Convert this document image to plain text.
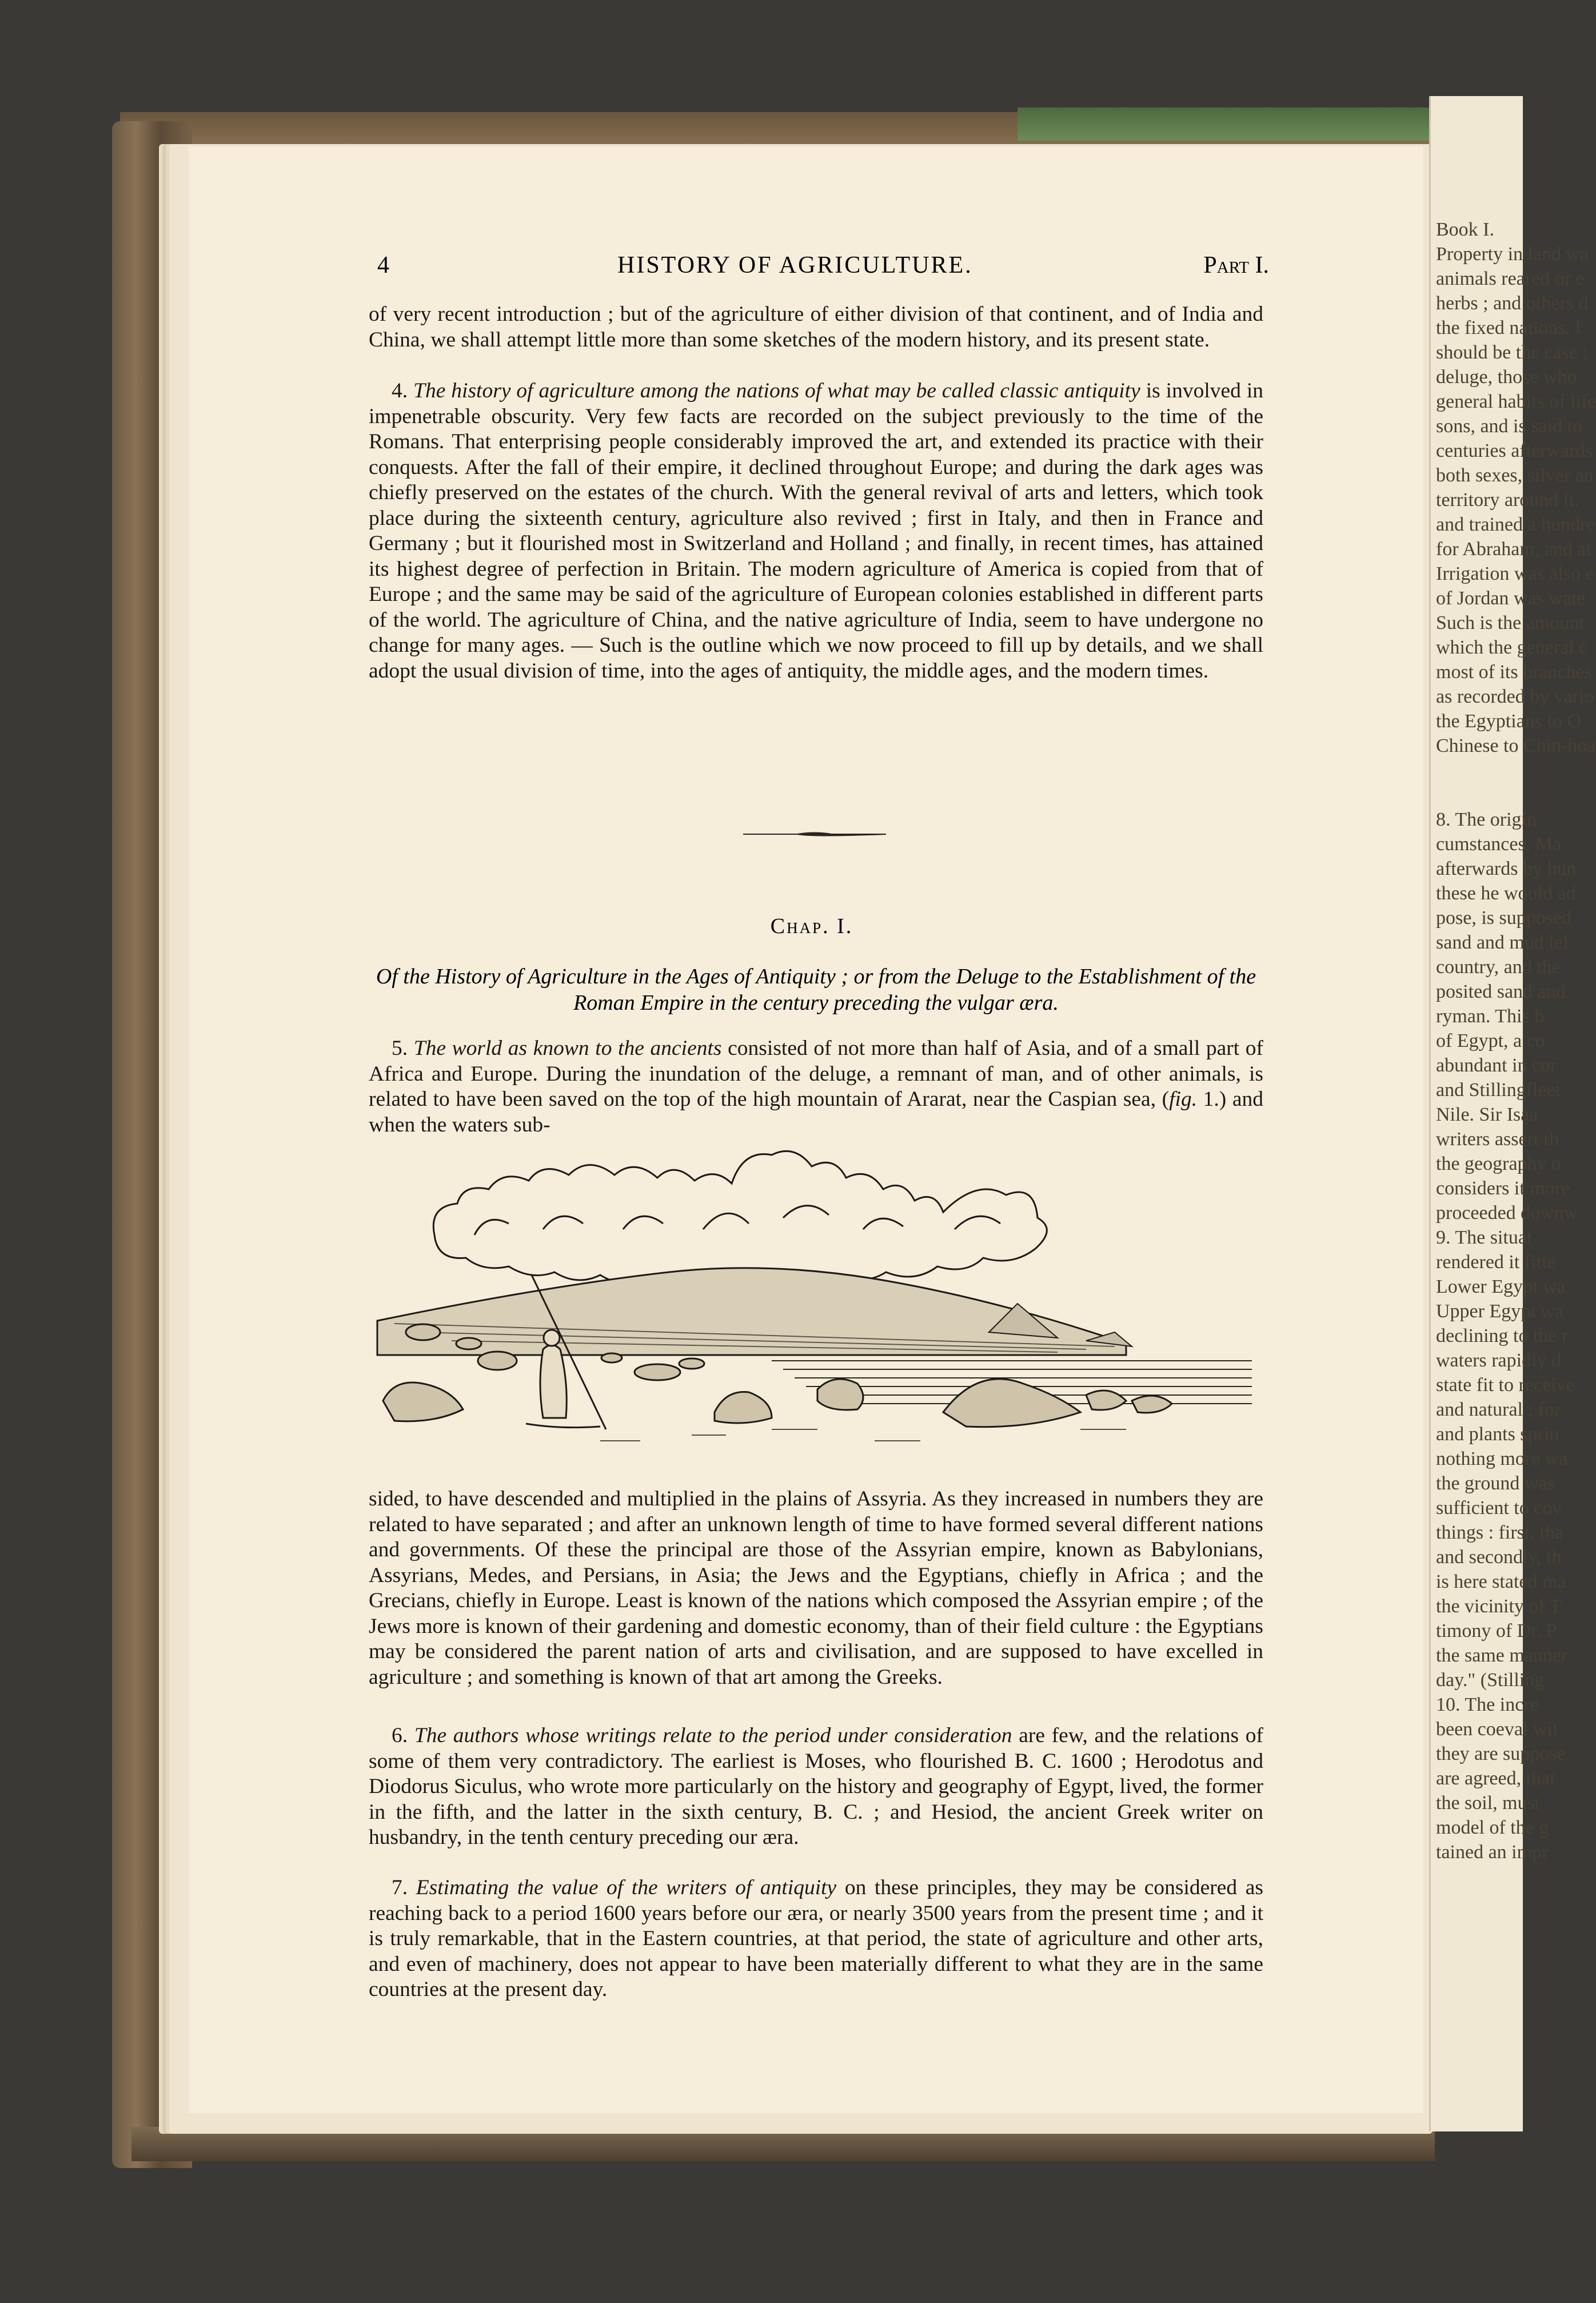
Book I.
Property in land wa
animals reared or e
herbs ; and others d
the fixed nations. I
should be the case ;
deluge, those who
general habits of life
sons, and is said to
centuries afterwards
both sexes, silver an
territory around it.
and trained a hundre
for Abraham, and at
Irrigation was also e
of Jordan was wate
Such is the amount
which the general c
most of its branches
as recorded by vario
the Egyptians to O
Chinese to Chin-hoa
8. The origin
cumstances. Ma
afterwards by hun
these he would ad
pose, is supposed
sand and mud lef
country, and the
posited sand and
ryman. This b
of Egypt, a co
abundant in cor
and Stillingfleet
Nile. Sir Isaa
writers assert th
the geography o
considers it more
proceeded downw
9. The situat
rendered it fitte
Lower Egypt wa
Upper Egypt wa
declining to the r
waters rapidly d
state fit to receive
and natural ; for
and plants sprin
nothing more wa
the ground was
sufficient to cov
things : first, tha
and secondly, th
is here stated ma
the vicinity of T
timony of Dr. P
the same manner
day." (Stilling
10. The incre
been coeval wit
they are suppose
are agreed, that
the soil, must
model of the g
tained an impr
4	HISTORY OF AGRICULTURE.	Part I.
of very recent introduction ; but of the agriculture of either division of that continent, and of India and China, we shall attempt little more than some sketches of the modern history, and its present state.
4. The history of agriculture among the nations of what may be called classic antiquity is involved in impenetrable obscurity. Very few facts are recorded on the subject previously to the time of the Romans. That enterprising people considerably improved the art, and extended its practice with their conquests. After the fall of their empire, it declined throughout Europe; and during the dark ages was chiefly preserved on the estates of the church. With the general revival of arts and letters, which took place during the sixteenth century, agriculture also revived ; first in Italy, and then in France and Germany ; but it flourished most in Switzerland and Holland ; and finally, in recent times, has attained its highest degree of perfection in Britain. The modern agriculture of America is copied from that of Europe ; and the same may be said of the agriculture of European colonies established in different parts of the world. The agriculture of China, and the native agriculture of India, seem to have undergone no change for many ages. — Such is the outline which we now proceed to fill up by details, and we shall adopt the usual division of time, into the ages of antiquity, the middle ages, and the modern times.
Chap. I.
Of the History of Agriculture in the Ages of Antiquity ; or from the Deluge to the Establishment of the Roman Empire in the century preceding the vulgar æra.
5. The world as known to the ancients consisted of not more than half of Asia, and of a small part of Africa and Europe. During the inundation of the deluge, a remnant of man, and of other animals, is related to have been saved on the top of the high mountain of Ararat, near the Caspian sea, (fig. 1.) and when the waters sub-
sided, to have descended and multiplied in the plains of Assyria. As they increased in numbers they are related to have separated ; and after an unknown length of time to have formed several different nations and governments. Of these the principal are those of the Assyrian empire, known as Babylonians, Assyrians, Medes, and Persians, in Asia; the Jews and the Egyptians, chiefly in Africa ; and the Grecians, chiefly in Europe. Least is known of the nations which composed the Assyrian empire ; of the Jews more is known of their gardening and domestic economy, than of their field culture : the Egyptians may be considered the parent nation of arts and civilisation, and are supposed to have excelled in agriculture ; and something is known of that art among the Greeks.
6. The authors whose writings relate to the period under consideration are few, and the relations of some of them very contradictory. The earliest is Moses, who flourished B. C. 1600 ; Herodotus and Diodorus Siculus, who wrote more particularly on the history and geography of Egypt, lived, the former in the fifth, and the latter in the sixth century, B. C. ; and Hesiod, the ancient Greek writer on husbandry, in the tenth century preceding our æra.
7. Estimating the value of the writers of antiquity on these principles, they may be considered as reaching back to a period 1600 years before our æra, or nearly 3500 years from the present time ; and it is truly remarkable, that in the Eastern countries, at that period, the state of agriculture and other arts, and even of machinery, does not appear to have been materially different to what they are in the same countries at the present day.
